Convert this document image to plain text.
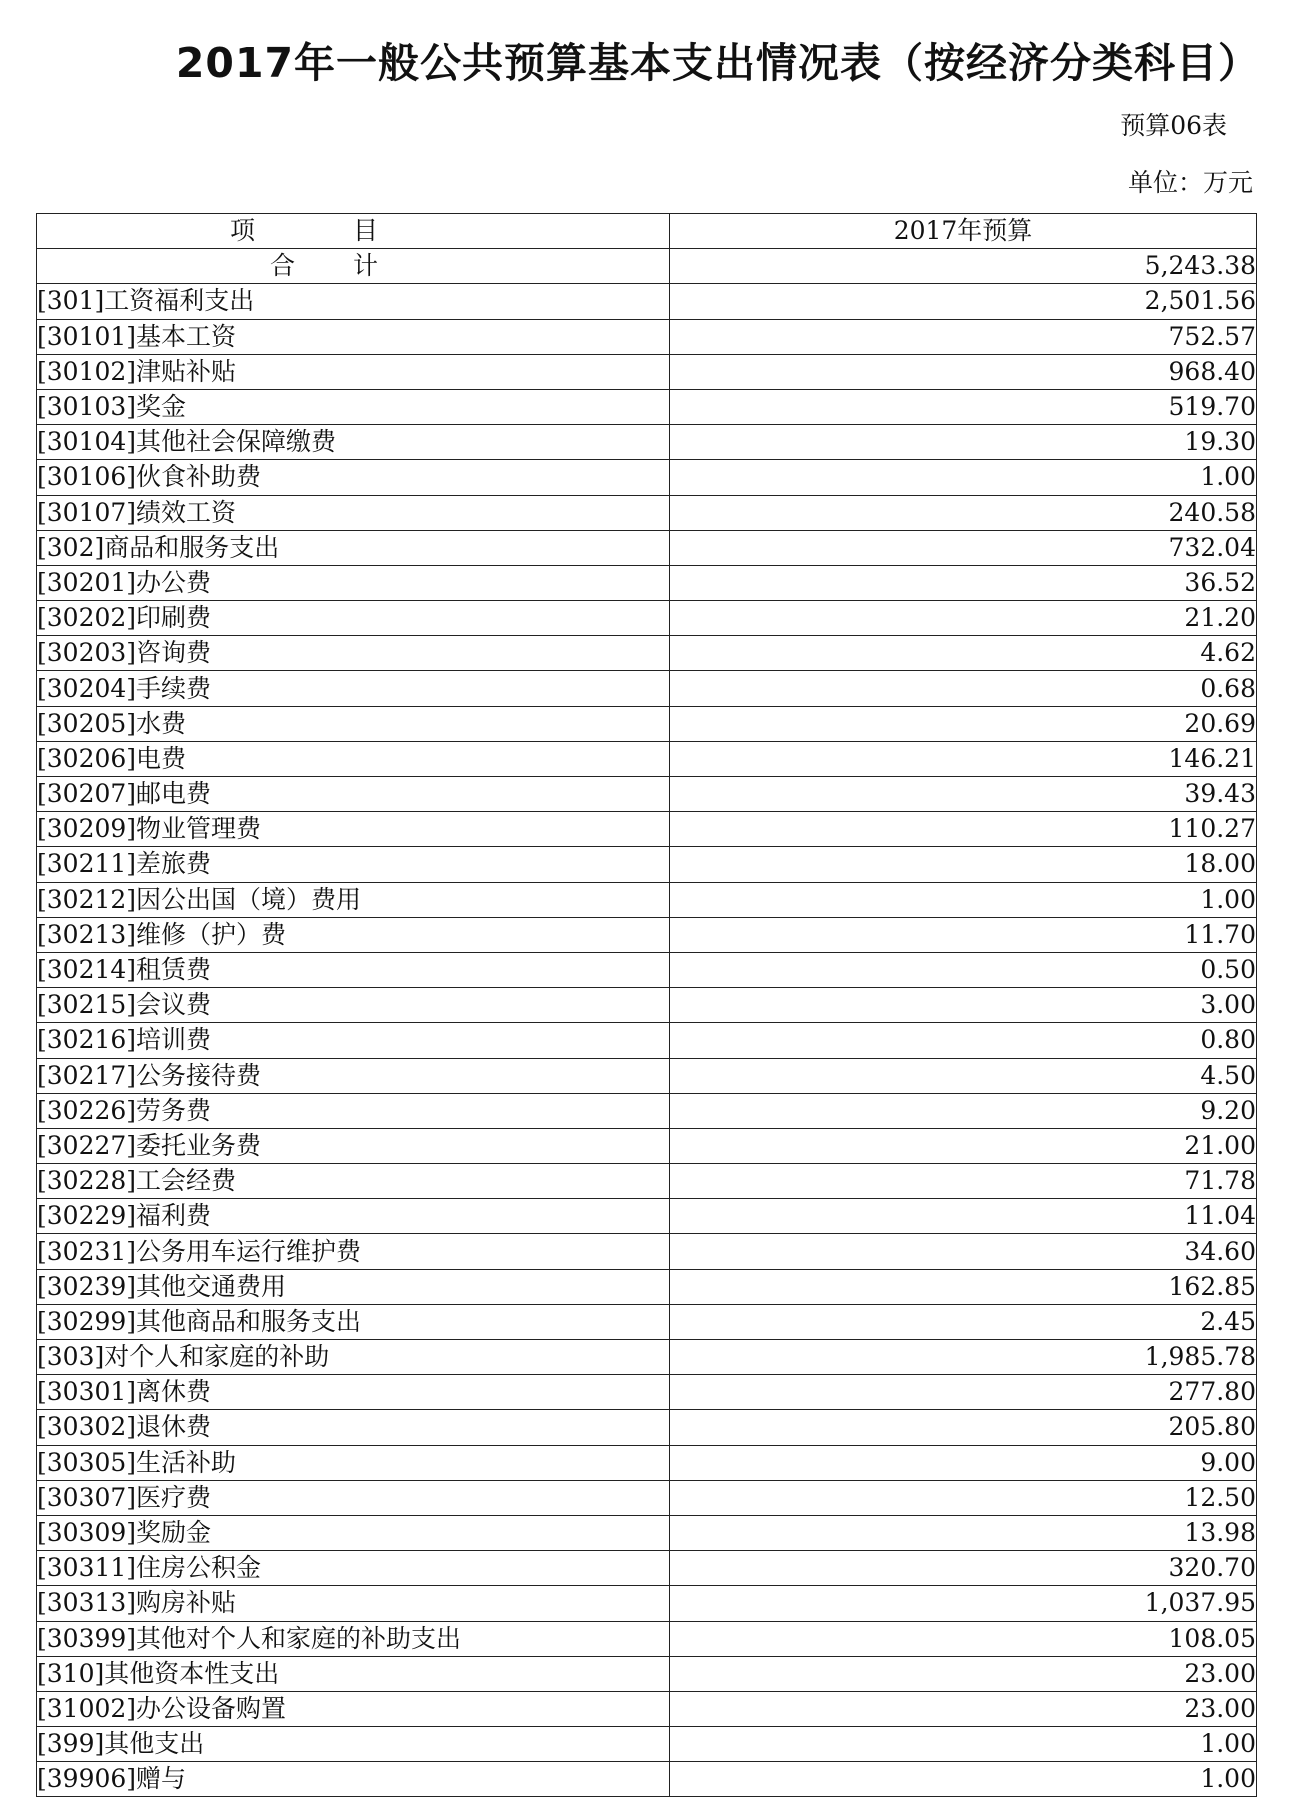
2017年一般公共预算基本支出情况表（按经济分类科目）
预算06表
单位：万元
项目	2017年预算
合计	5,243.38
[301]工资福利支出	2,501.56
[30101]基本工资	752.57
[30102]津贴补贴	968.40
[30103]奖金	519.70
[30104]其他社会保障缴费	19.30
[30106]伙食补助费	1.00
[30107]绩效工资	240.58
[302]商品和服务支出	732.04
[30201]办公费	36.52
[30202]印刷费	21.20
[30203]咨询费	4.62
[30204]手续费	0.68
[30205]水费	20.69
[30206]电费	146.21
[30207]邮电费	39.43
[30209]物业管理费	110.27
[30211]差旅费	18.00
[30212]因公出国（境）费用	1.00
[30213]维修（护）费	11.70
[30214]租赁费	0.50
[30215]会议费	3.00
[30216]培训费	0.80
[30217]公务接待费	4.50
[30226]劳务费	9.20
[30227]委托业务费	21.00
[30228]工会经费	71.78
[30229]福利费	11.04
[30231]公务用车运行维护费	34.60
[30239]其他交通费用	162.85
[30299]其他商品和服务支出	2.45
[303]对个人和家庭的补助	1,985.78
[30301]离休费	277.80
[30302]退休费	205.80
[30305]生活补助	9.00
[30307]医疗费	12.50
[30309]奖励金	13.98
[30311]住房公积金	320.70
[30313]购房补贴	1,037.95
[30399]其他对个人和家庭的补助支出	108.05
[310]其他资本性支出	23.00
[31002]办公设备购置	23.00
[399]其他支出	1.00
[39906]赠与	1.00
